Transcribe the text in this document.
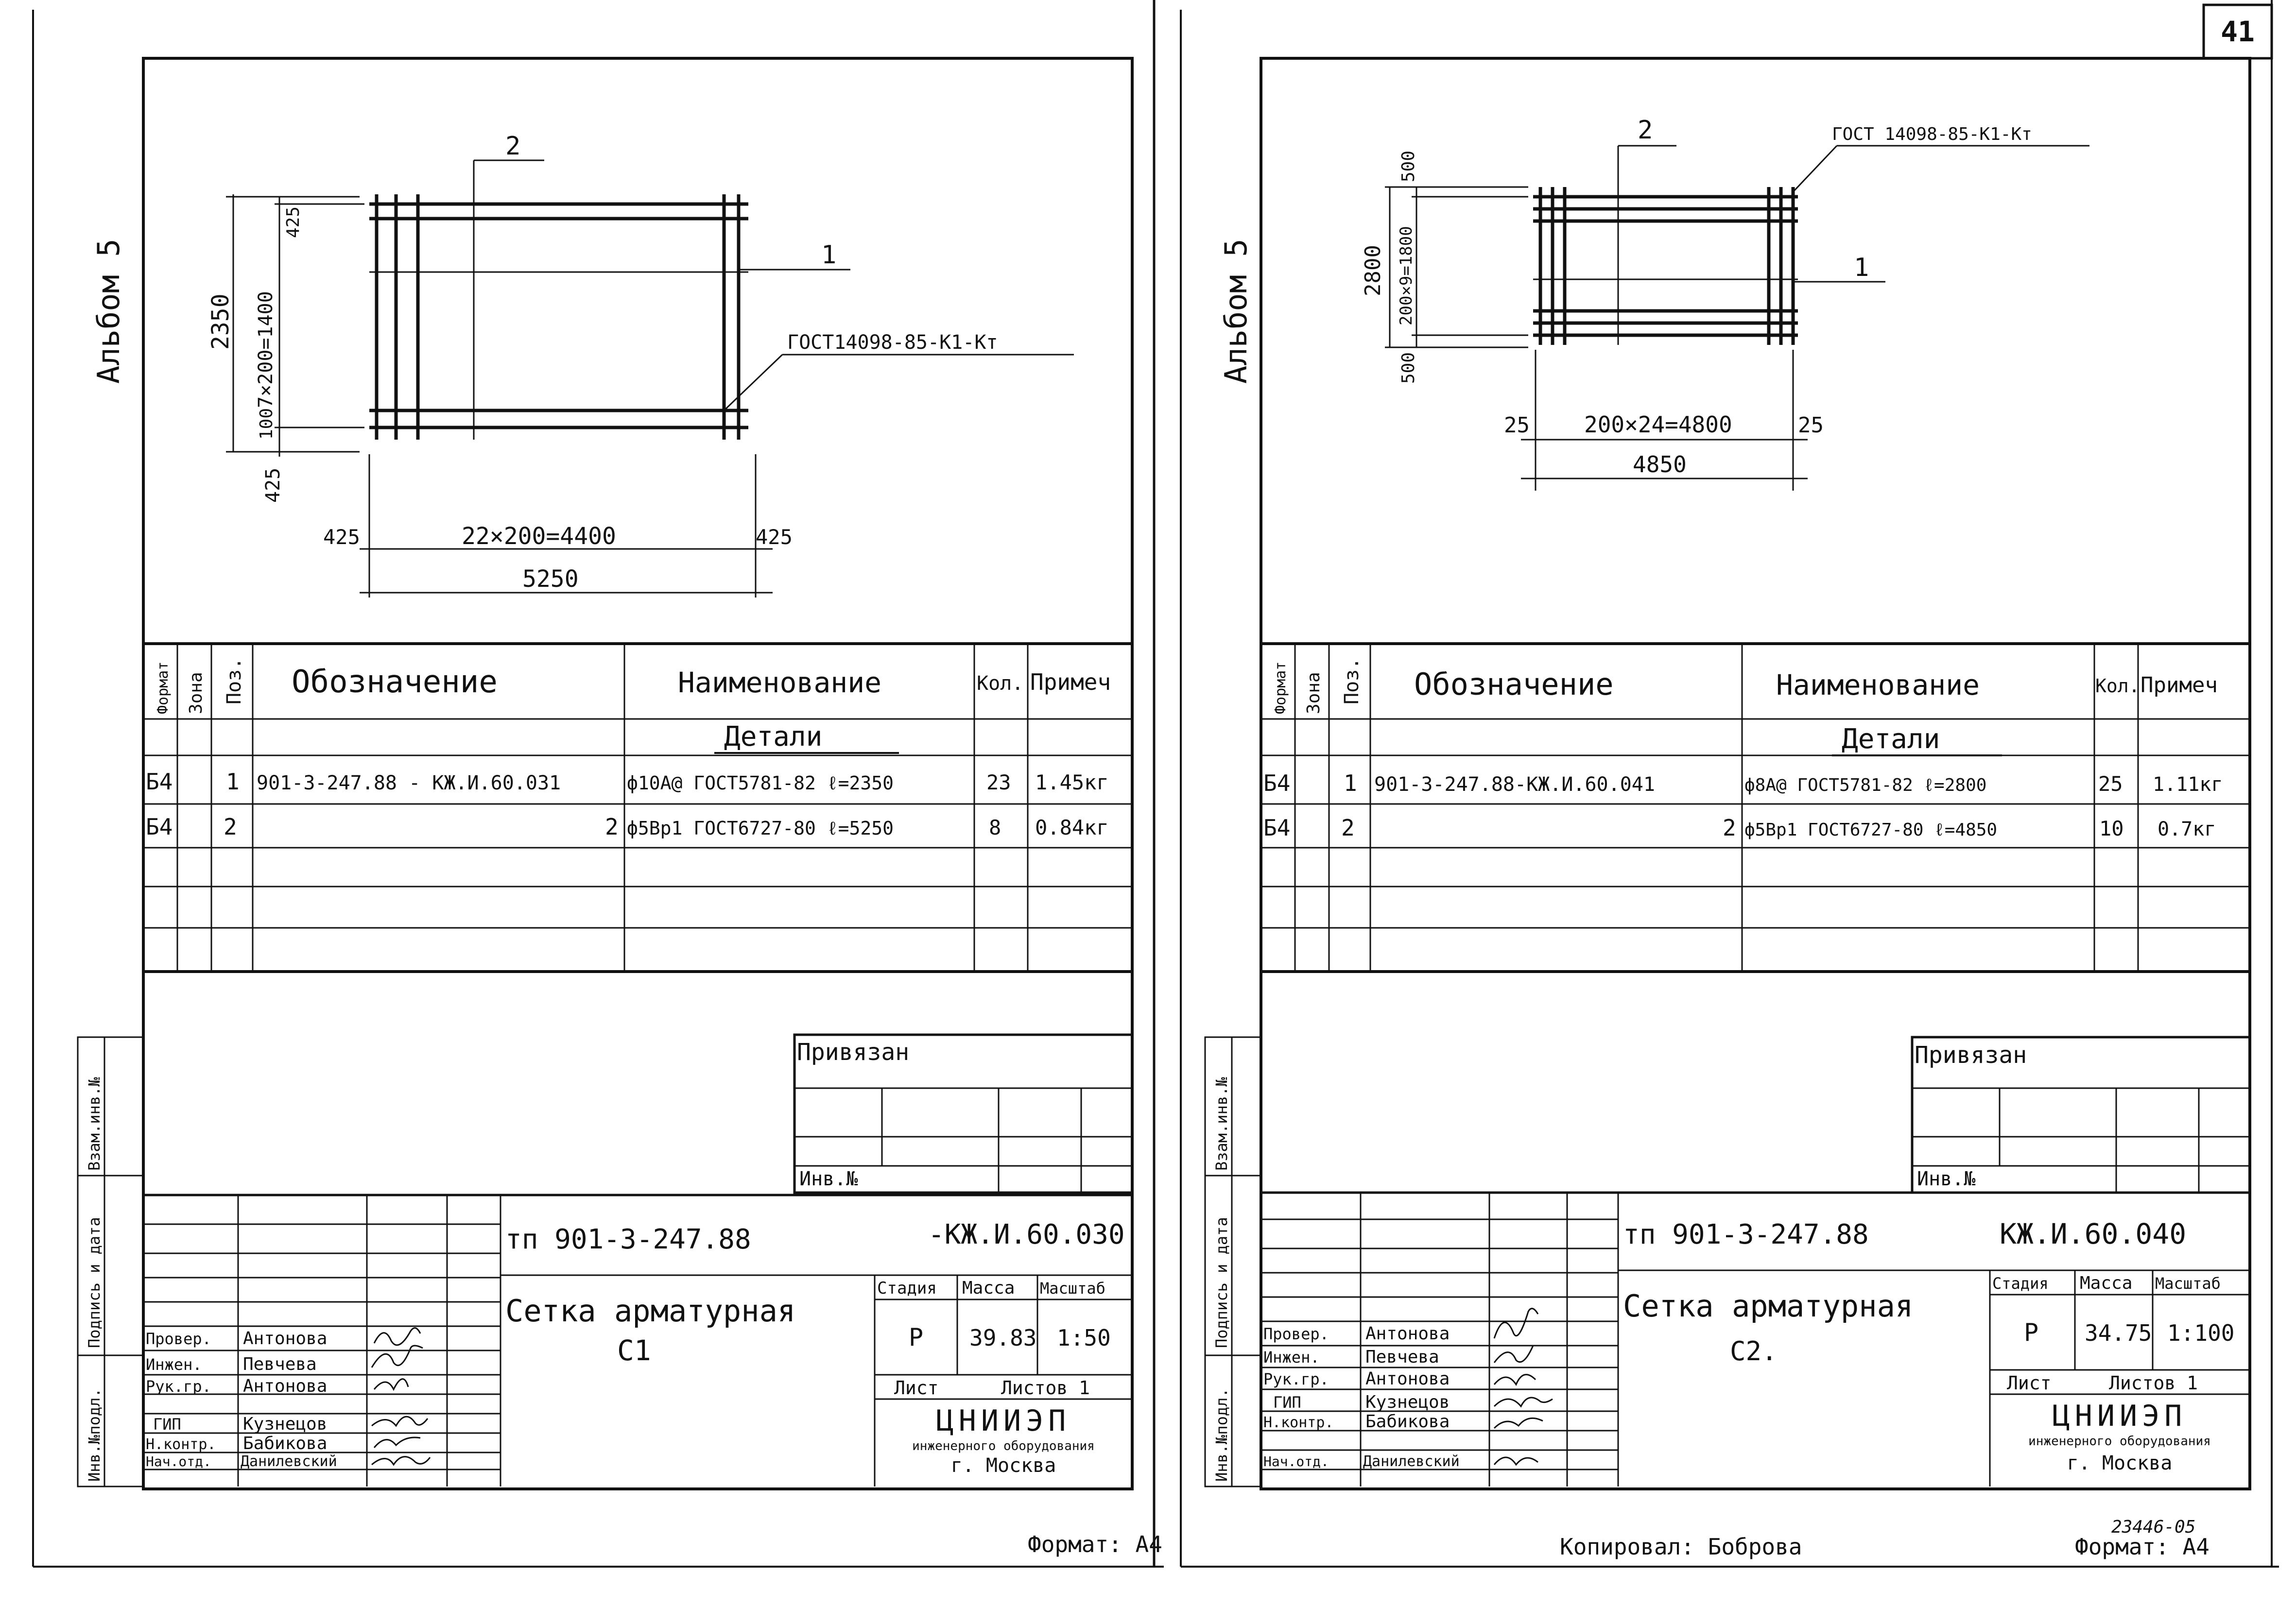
41
Альбом 5	2350 7×200=1400
425
100
425
425	22×200=4400	425
5250
2
1
ГОСТ14098-85-К1-Кт
Формат Зона Поз. Обозначение	Наименование	Кол. Примеч
Детали
Б4 1 901-3-247.88 - КЖ.И.60.031	ф10А@ ГОСТ5781-82 ℓ=2350	23 1.45кг
Б4 2	2 ф5Вр1 ГОСТ6727-80 ℓ=5250	8 0.84кг
Привязан
Инв.№
Инв.№подл.
Подпись и дата
Взам.инв.№
тп 901-3-247.88	-КЖ.И.60.030
Сетка арматурная
С1
Стадия Масса Масштаб
Р 39.83 1:50
Лист	Листов 1
ЦНИИЭП
инженерного оборудования
г. Москва
Провер. Антонова
Инжен. Певчева
Рук.гр. Антонова
ГИП	Кузнецов
Н.контр. Бабикова
Нач.отд. Данилевский
Формат: А4
Альбом 5	2800 200×9=1800
500
500
25 200×24=4800	25
4850
2
1
ГОСТ 14098-85-К1-Кт
Формат Зона Поз. Обозначение	Наименование	Кол. Примеч
Детали
Б4 1 901-3-247.88-КЖ.И.60.041	ф8А@ ГОСТ5781-82 ℓ=2800	25 1.11кг
Б4 2	2 ф5Вр1 ГОСТ6727-80 ℓ=4850	10 0.7кг
Привязан
Инв.№
Инв.№подл.
Подпись и дата
Взам.инв.№
тп 901-3-247.88	КЖ.И.60.040
Сетка арматурная
С2.
Стадия Масса Масштаб
Р 34.75 1:100
Лист	Листов 1
ЦНИИЭП
инженерного оборудования
г. Москва
Провер. Антонова
Инжен.	Певчева
Рук.гр. Антонова
ГИП	Кузнецов
Н.контр. Бабикова
Нач.отд. Данилевский
Копировал: Боброва
23446-05
Формат: А4
